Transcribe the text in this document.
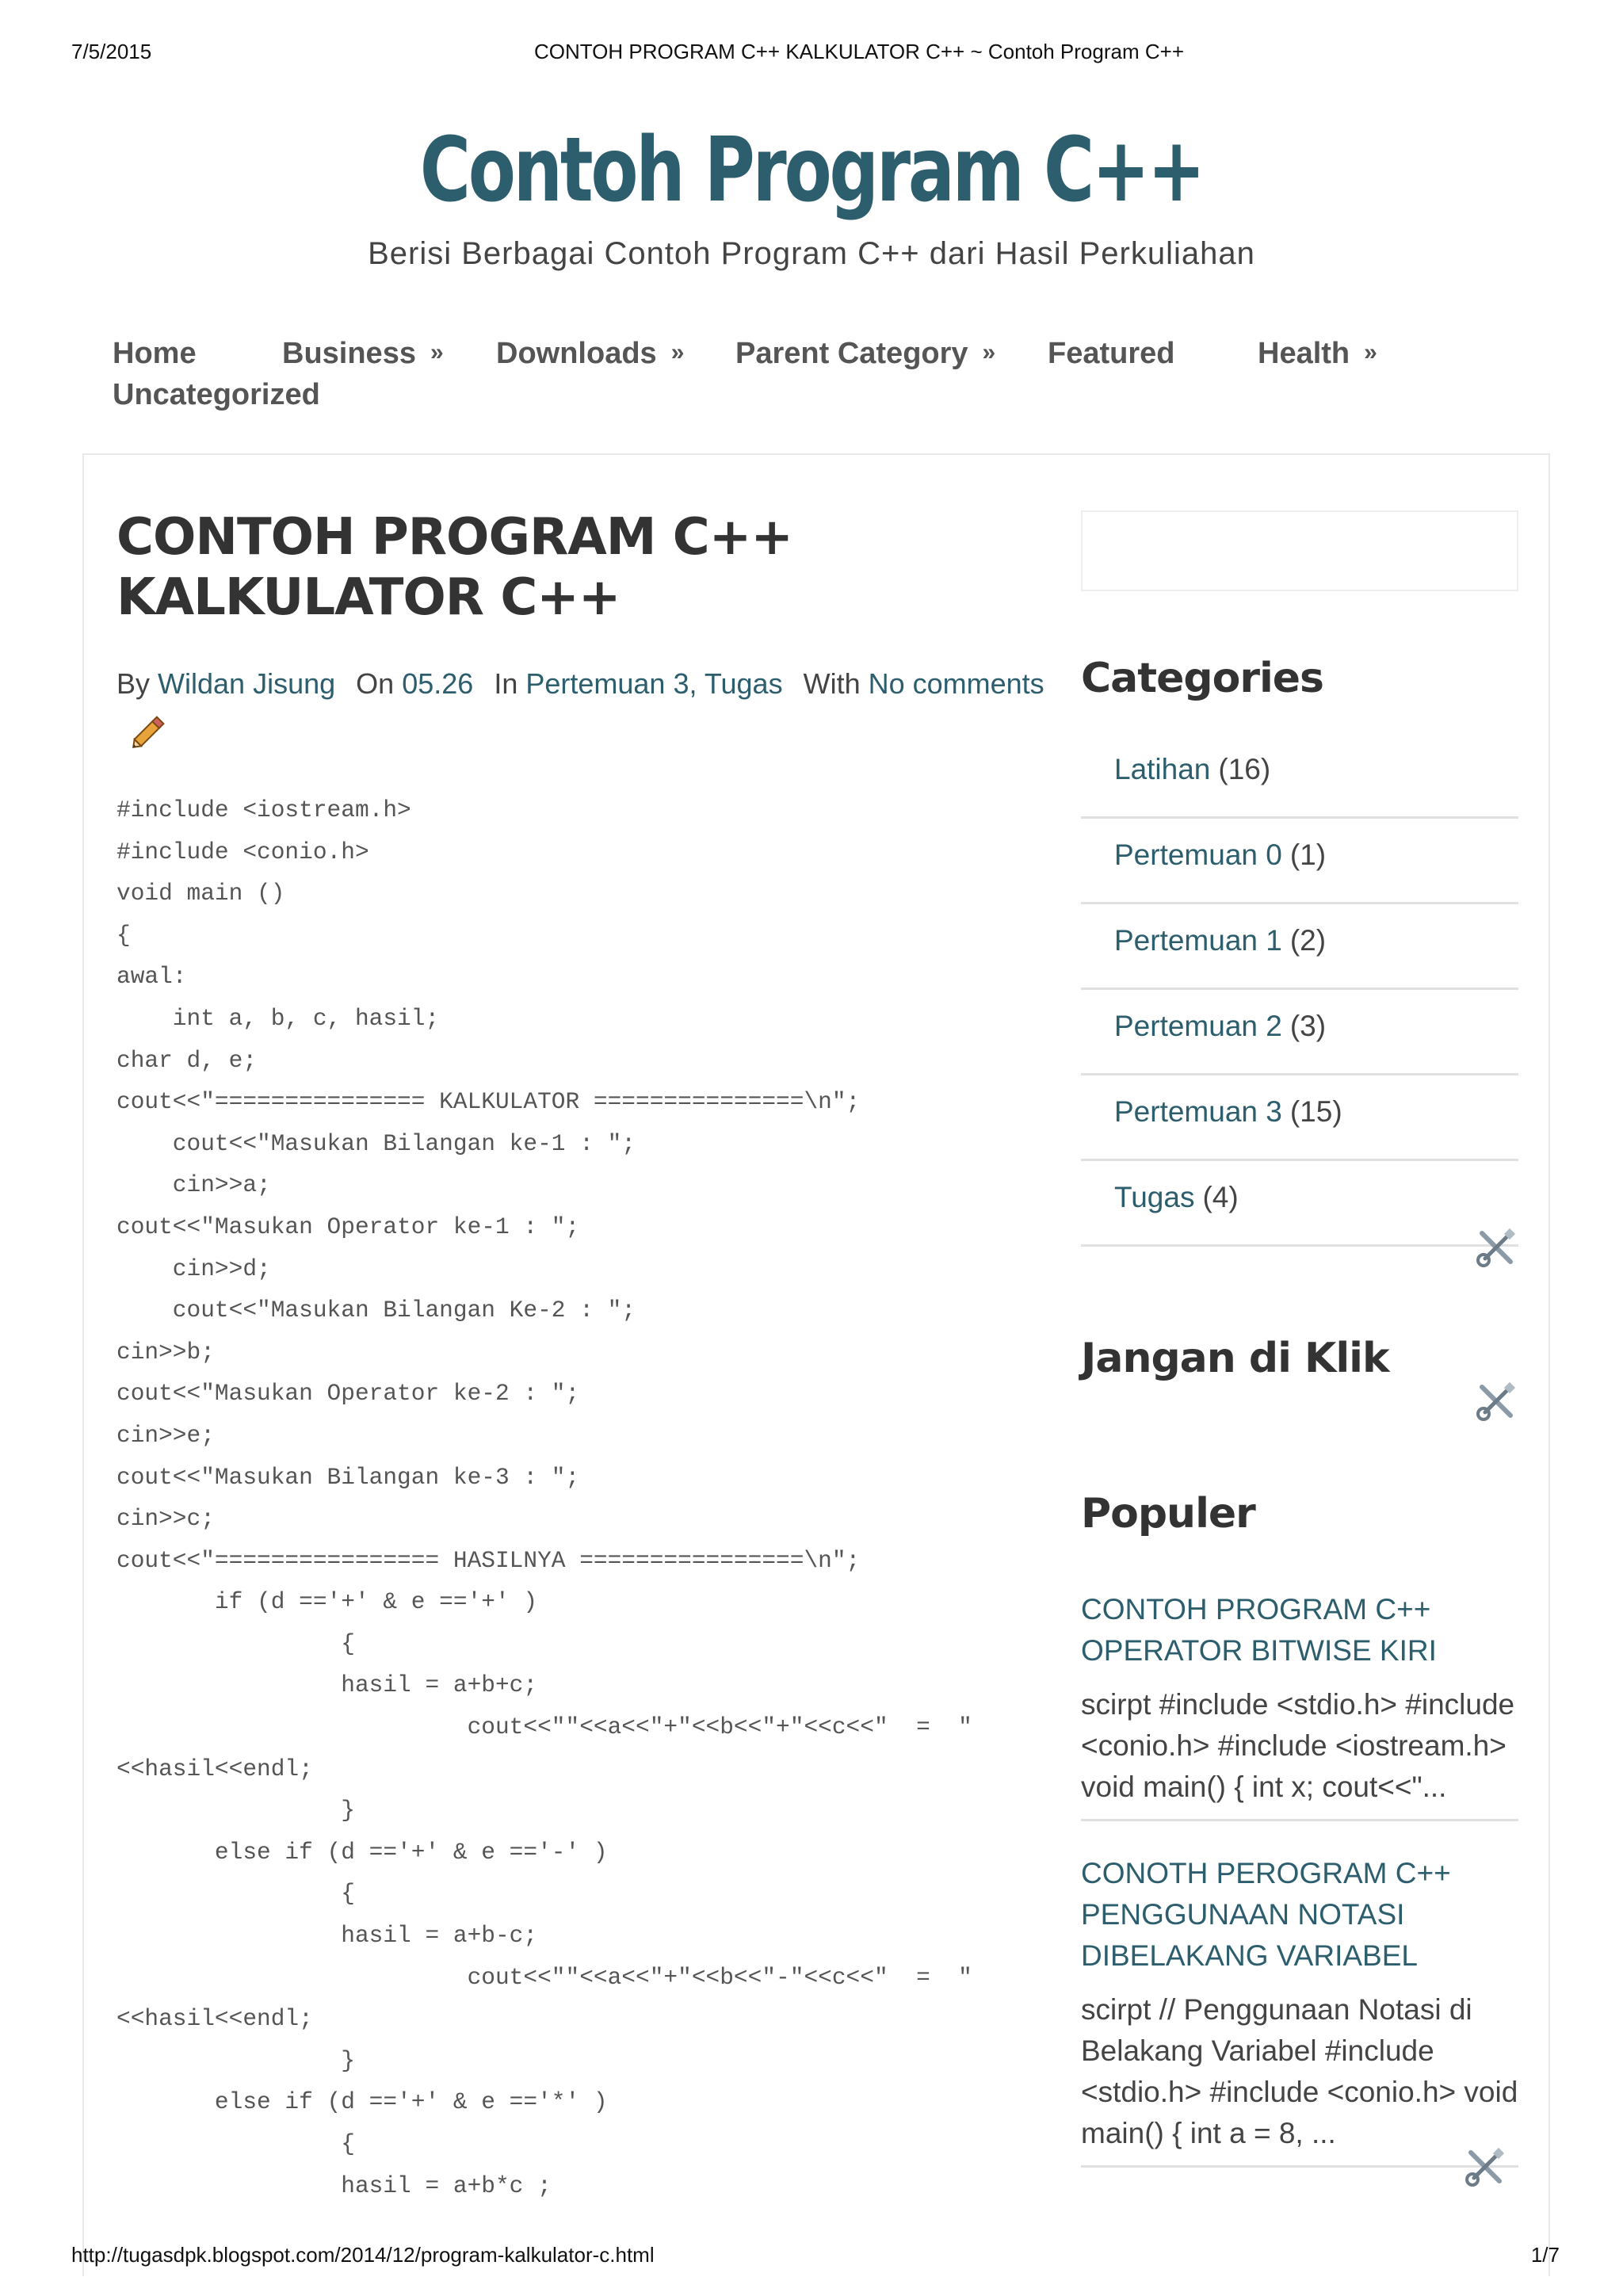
7/5/2015	CONTOH PROGRAM C++ KALKULATOR C++ ~ Contoh Program C++
Contoh Program C++
Berisi Berbagai Contoh Program C++ dari Hasil Perkuliahan
Home	Business » Downloads » Parent Category » Featured	Health »
Uncategorized
CONTOH PROGRAM C++ KALKULATOR C++
By Wildan Jisung On 05.26 In Pertemuan 3, Tugas With No comments
#include <iostream.h>
#include <conio.h>
void main ()
{
awal:
int a, b, c, hasil;
char d, e;
cout<<"=============== KALKULATOR ===============\n";
cout<<"Masukan Bilangan ke-1 : ";
cin>>a;
cout<<"Masukan Operator ke-1 : ";
cin>>d;
cout<<"Masukan Bilangan Ke-2 : ";
cin>>b;
cout<<"Masukan Operator ke-2 : ";
cin>>e;
cout<<"Masukan Bilangan ke-3 : ";
cin>>c;
cout<<"================ HASILNYA ================\n";
if (d =='+' & e =='+' )
{
hasil = a+b+c;
cout<<""<<a<<"+"<<b<<"+"<<c<<"  =  "
<<hasil<<endl;
}
else if (d =='+' & e =='-' )
{
hasil = a+b-c;
cout<<""<<a<<"+"<<b<<"-"<<c<<"  =  "
<<hasil<<endl;
}
else if (d =='+' & e =='*' )
{
hasil = a+b*c ;
Categories
Latihan (16)
Pertemuan 0 (1)
Pertemuan 1 (2)
Pertemuan 2 (3)
Pertemuan 3 (15)
Tugas (4)
Jangan di Klik
Populer
CONTOH PROGRAM C++ OPERATOR BITWISE KIRI
scirpt #include <stdio.h> #include <conio.h> #include <iostream.h> void main() { int x; cout<<"...
CONOTH PEROGRAM C++ PENGGUNAAN NOTASI DIBELAKANG VARIABEL
scirpt // Penggunaan Notasi di Belakang Variabel #include <stdio.h> #include <conio.h> void main() { int a = 8, ...
http://tugasdpk.blogspot.com/2014/12/program-kalkulator-c.html	1/7
